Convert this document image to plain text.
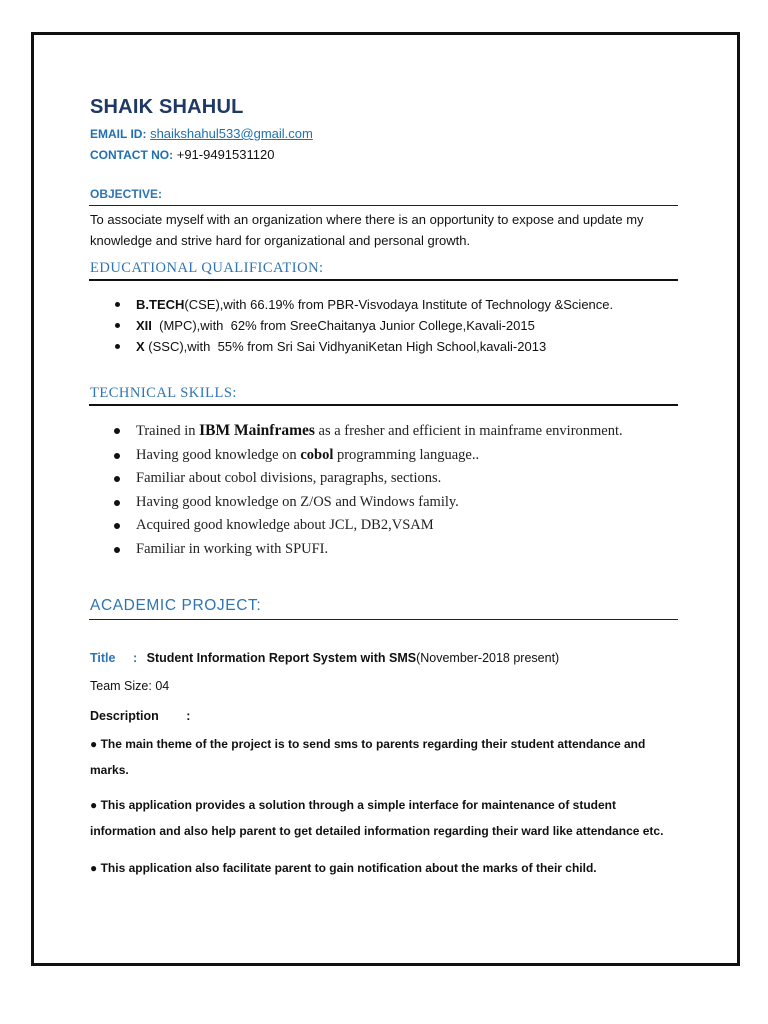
SHAIK SHAHUL
EMAIL ID: shaikshahul533@gmail.com
CONTACT NO: +91-9491531120
OBJECTIVE:
To associate myself with an organization where there is an opportunity to expose and update my knowledge and strive hard for organizational and personal growth.
EDUCATIONAL QUALIFICATION:
B.TECH(CSE),with 66.19% from PBR-Visvodaya Institute of Technology &Science.
XII  (MPC),with  62% from SreeChaitanya Junior College,Kavali-2015
X (SSC),with  55% from Sri Sai VidhyaniKetan High School,kavali-2013
TECHNICAL SKILLS:
Trained in IBM Mainframes as a fresher and efficient in mainframe environment.
Having good knowledge on cobol programming language..
Familiar about cobol divisions, paragraphs, sections.
Having good knowledge on Z/OS and Windows family.
Acquired good knowledge about JCL, DB2,VSAM
Familiar in working with SPUFI.
ACADEMIC PROJECT:
Title : Student Information Report System with SMS(November-2018 present)
Team Size: 04
Description :
● The main theme of the project is to send sms to parents regarding their student attendance and marks.
● This application provides a solution through a simple interface for maintenance of student information and also help parent to get detailed information regarding their ward like attendance etc.
● This application also facilitate parent to gain notification about the marks of their child.
